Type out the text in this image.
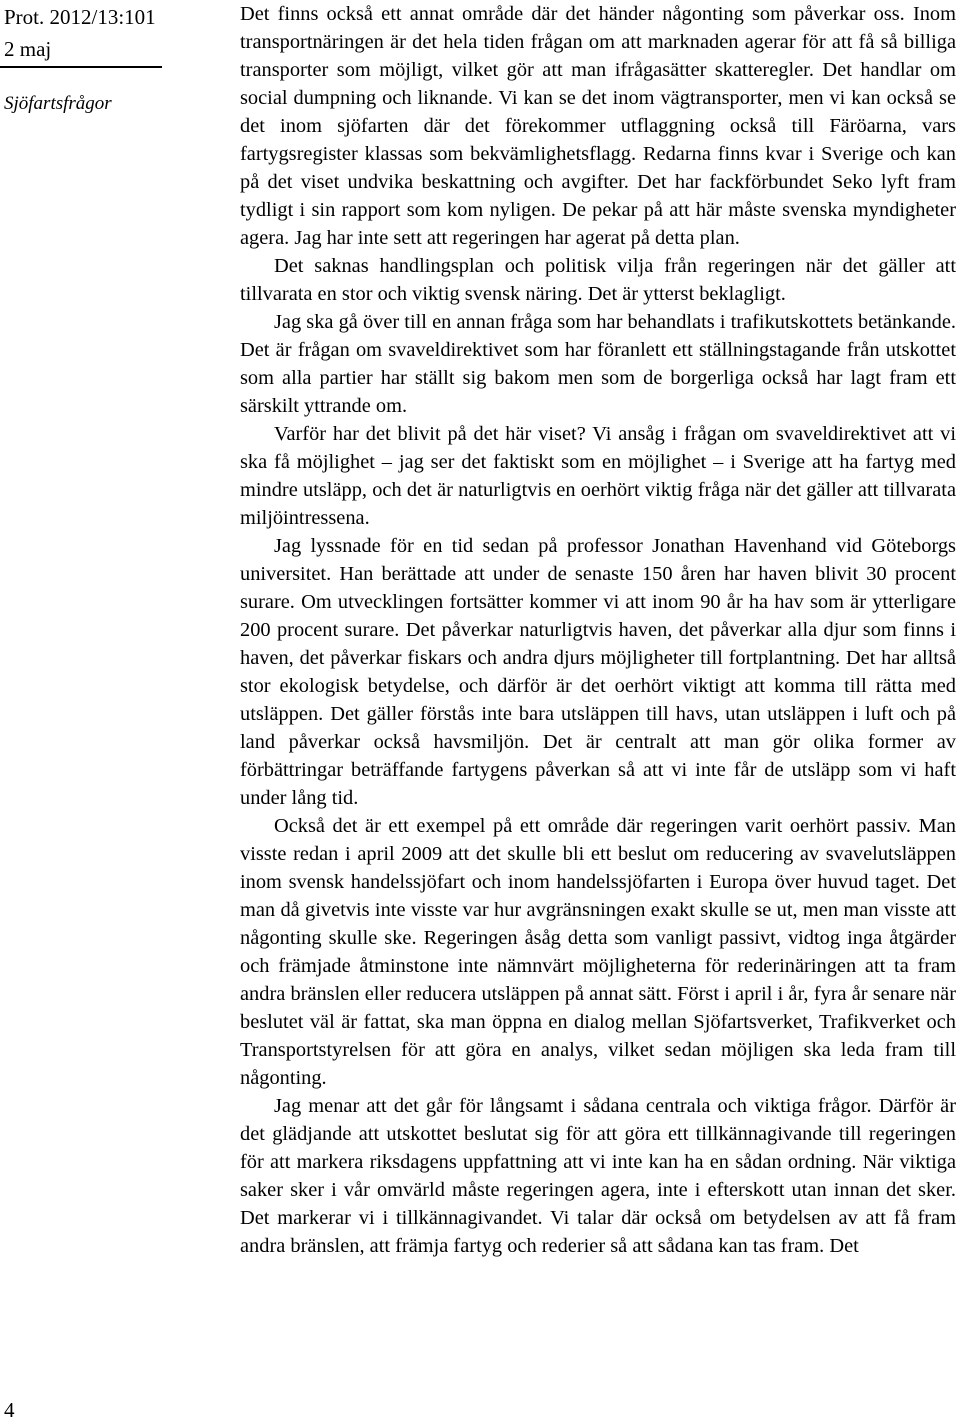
Prot. 2012/13:101
2 maj
Sjöfartsfrågor
4

Det finns också ett annat område där det händer någonting som påverkar oss. Inom transportnäringen är det hela tiden frågan om att marknaden agerar för att få så billiga transporter som möjligt, vilket gör att man ifrågasätter skatteregler. Det handlar om social dumpning och liknande. Vi kan se det inom vägtransporter, men vi kan också se det inom sjöfarten där det förekommer utflaggning också till Färöarna, vars fartygsregister klassas som bekvämlighetsflagg. Redarna finns kvar i Sverige och kan på det viset undvika beskattning och avgifter. Det har fackförbundet Seko lyft fram tydligt i sin rapport som kom nyligen. De pekar på att här måste svenska myndigheter agera. Jag har inte sett att regeringen har agerat på detta plan.

Det saknas handlingsplan och politisk vilja från regeringen när det gäller att tillvarata en stor och viktig svensk näring. Det är ytterst beklagligt.

Jag ska gå över till en annan fråga som har behandlats i trafikutskottets betänkande. Det är frågan om svaveldirektivet som har föranlett ett ställningstagande från utskottet som alla partier har ställt sig bakom men som de borgerliga också har lagt fram ett särskilt yttrande om.

Varför har det blivit på det här viset? Vi ansåg i frågan om svaveldirektivet att vi ska få möjlighet – jag ser det faktiskt som en möjlighet – i Sverige att ha fartyg med mindre utsläpp, och det är naturligtvis en oerhört viktig fråga när det gäller att tillvarata miljöintressena.

Jag lyssnade för en tid sedan på professor Jonathan Havenhand vid Göteborgs universitet. Han berättade att under de senaste 150 åren har haven blivit 30 procent surare. Om utvecklingen fortsätter kommer vi att inom 90 år ha hav som är ytterligare 200 procent surare. Det påverkar naturligtvis haven, det påverkar alla djur som finns i haven, det påverkar fiskars och andra djurs möjligheter till fortplantning. Det har alltså stor ekologisk betydelse, och därför är det oerhört viktigt att komma till rätta med utsläppen. Det gäller förstås inte bara utsläppen till havs, utan utsläppen i luft och på land påverkar också havsmiljön. Det är centralt att man gör olika former av förbättringar beträffande fartygens påverkan så att vi inte får de utsläpp som vi haft under lång tid.

Också det är ett exempel på ett område där regeringen varit oerhört passiv. Man visste redan i april 2009 att det skulle bli ett beslut om reducering av svavelutsläppen inom svensk handelssjöfart och inom handelssjöfarten i Europa över huvud taget. Det man då givetvis inte visste var hur avgränsningen exakt skulle se ut, men man visste att någonting skulle ske. Regeringen åsåg detta som vanligt passivt, vidtog inga åtgärder och främjade åtminstone inte nämnvärt möjligheterna för rederinäringen att ta fram andra bränslen eller reducera utsläppen på annat sätt. Först i april i år, fyra år senare när beslutet väl är fattat, ska man öppna en dialog mellan Sjöfartsverket, Trafikverket och Transportstyrelsen för att göra en analys, vilket sedan möjligen ska leda fram till någonting.

Jag menar att det går för långsamt i sådana centrala och viktiga frågor. Därför är det glädjande att utskottet beslutat sig för att göra ett tillkännagivande till regeringen för att markera riksdagens uppfattning att vi inte kan ha en sådan ordning. När viktiga saker sker i vår omvärld måste regeringen agera, inte i efterskott utan innan det sker. Det markerar vi i tillkännagivandet. Vi talar där också om betydelsen av att få fram andra bränslen, att främja fartyg och rederier så att sådana kan tas fram. Det
